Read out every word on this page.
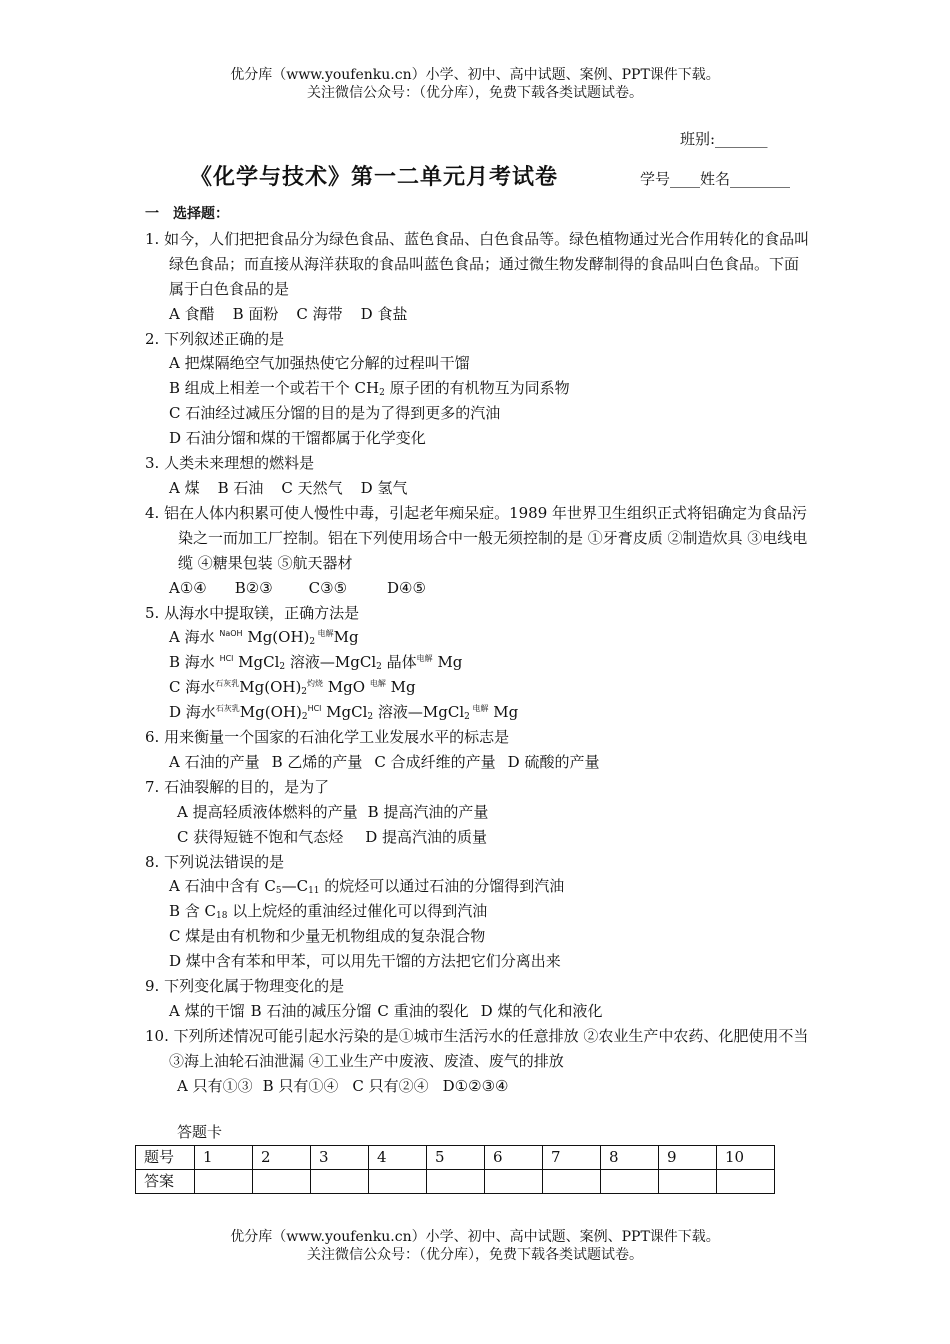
优分库（www.youfenku.cn）小学、初中、高中试题、案例、PPT课件下载。
关注微信公众号：（优分库），免费下载各类试题试卷。
班别:_______
《化学与技术》第一二单元月考试卷	学号____姓名________
一　选择题：
1. 如今，人们把把食品分为绿色食品、蓝色食品、白色食品等。绿色植物通过光合作用转化的食品叫绿色食品；而直接从海洋获取的食品叫蓝色食品；通过微生物发酵制得的食品叫白色食品。下面属于白色食品的是
A 食醋 B 面粉 C 海带 D 食盐
2. 下列叙述正确的是
A 把煤隔绝空气加强热使它分解的过程叫干馏
B 组成上相差一个或若干个 $CH_2$ 原子团的有机物互为同系物
C 石油经过减压分馏的目的是为了得到更多的汽油
D 石油分馏和煤的干馏都属于化学变化
3. 人类未来理想的燃料是
A 煤 B 石油 C 天然气 D 氢气
4. 铝在人体内积累可使人慢性中毒，引起老年痴呆症。1989 年世界卫生组织正式将铝确定为食品污染之一而加工厂控制。铝在下列使用场合中一般无须控制的是 ①牙膏皮质 ②制造炊具 ③电线电缆 ④糖果包装 ⑤航天器材
A①④ B②③ C③⑤	D④⑤
5. 从海水中提取镁，正确方法是
A 海水 $^{NaOH}$ $Mg(OH)_2$ $^{电解}$Mg
B 海水 $^{HCl}$ MgCl$_2$ 溶液—MgCl$_2$ 晶体$^{电解}$ Mg
C 海水$^{石灰乳}Mg(OH)_2^{灼烧}$ MgO $^{电解}$ Mg
D 海水$^{石灰乳}Mg(OH)_2^{HCl}$ MgCl$_2$ 溶液—MgCl$_2$ $^{电解}$ Mg
6. 用来衡量一个国家的石油化学工业发展水平的标志是
A 石油的产量 B 乙烯的产量 C 合成纤维的产量 D 硫酸的产量
7. 石油裂解的目的，是为了
A 提高轻质液体燃料的产量 B 提高汽油的产量
C 获得短链不饱和气态烃 D 提高汽油的质量
8. 下列说法错误的是
A 石油中含有 $C_5—C_{11}$ 的烷烃可以通过石油的分馏得到汽油
B 含 $C_{18}$ 以上烷烃的重油经过催化可以得到汽油
C 煤是由有机物和少量无机物组成的复杂混合物
D 煤中含有苯和甲苯，可以用先干馏的方法把它们分离出来
9. 下列变化属于物理变化的是
A 煤的干馏 B 石油的减压分馏 C 重油的裂化 D 煤的气化和液化
10. 下列所述情况可能引起水污染的是①城市生活污水的任意排放 ②农业生产中农药、化肥使用不当 ③海上油轮石油泄漏 ④工业生产中废液、废渣、废气的排放
A 只有①③ B 只有①④ C 只有②④ D①②③④
答题卡
题号	1	2	3	4	5	6	7	8	9	10
答案										
优分库（www.youfenku.cn）小学、初中、高中试题、案例、PPT课件下载。
关注微信公众号：（优分库），免费下载各类试题试卷。
